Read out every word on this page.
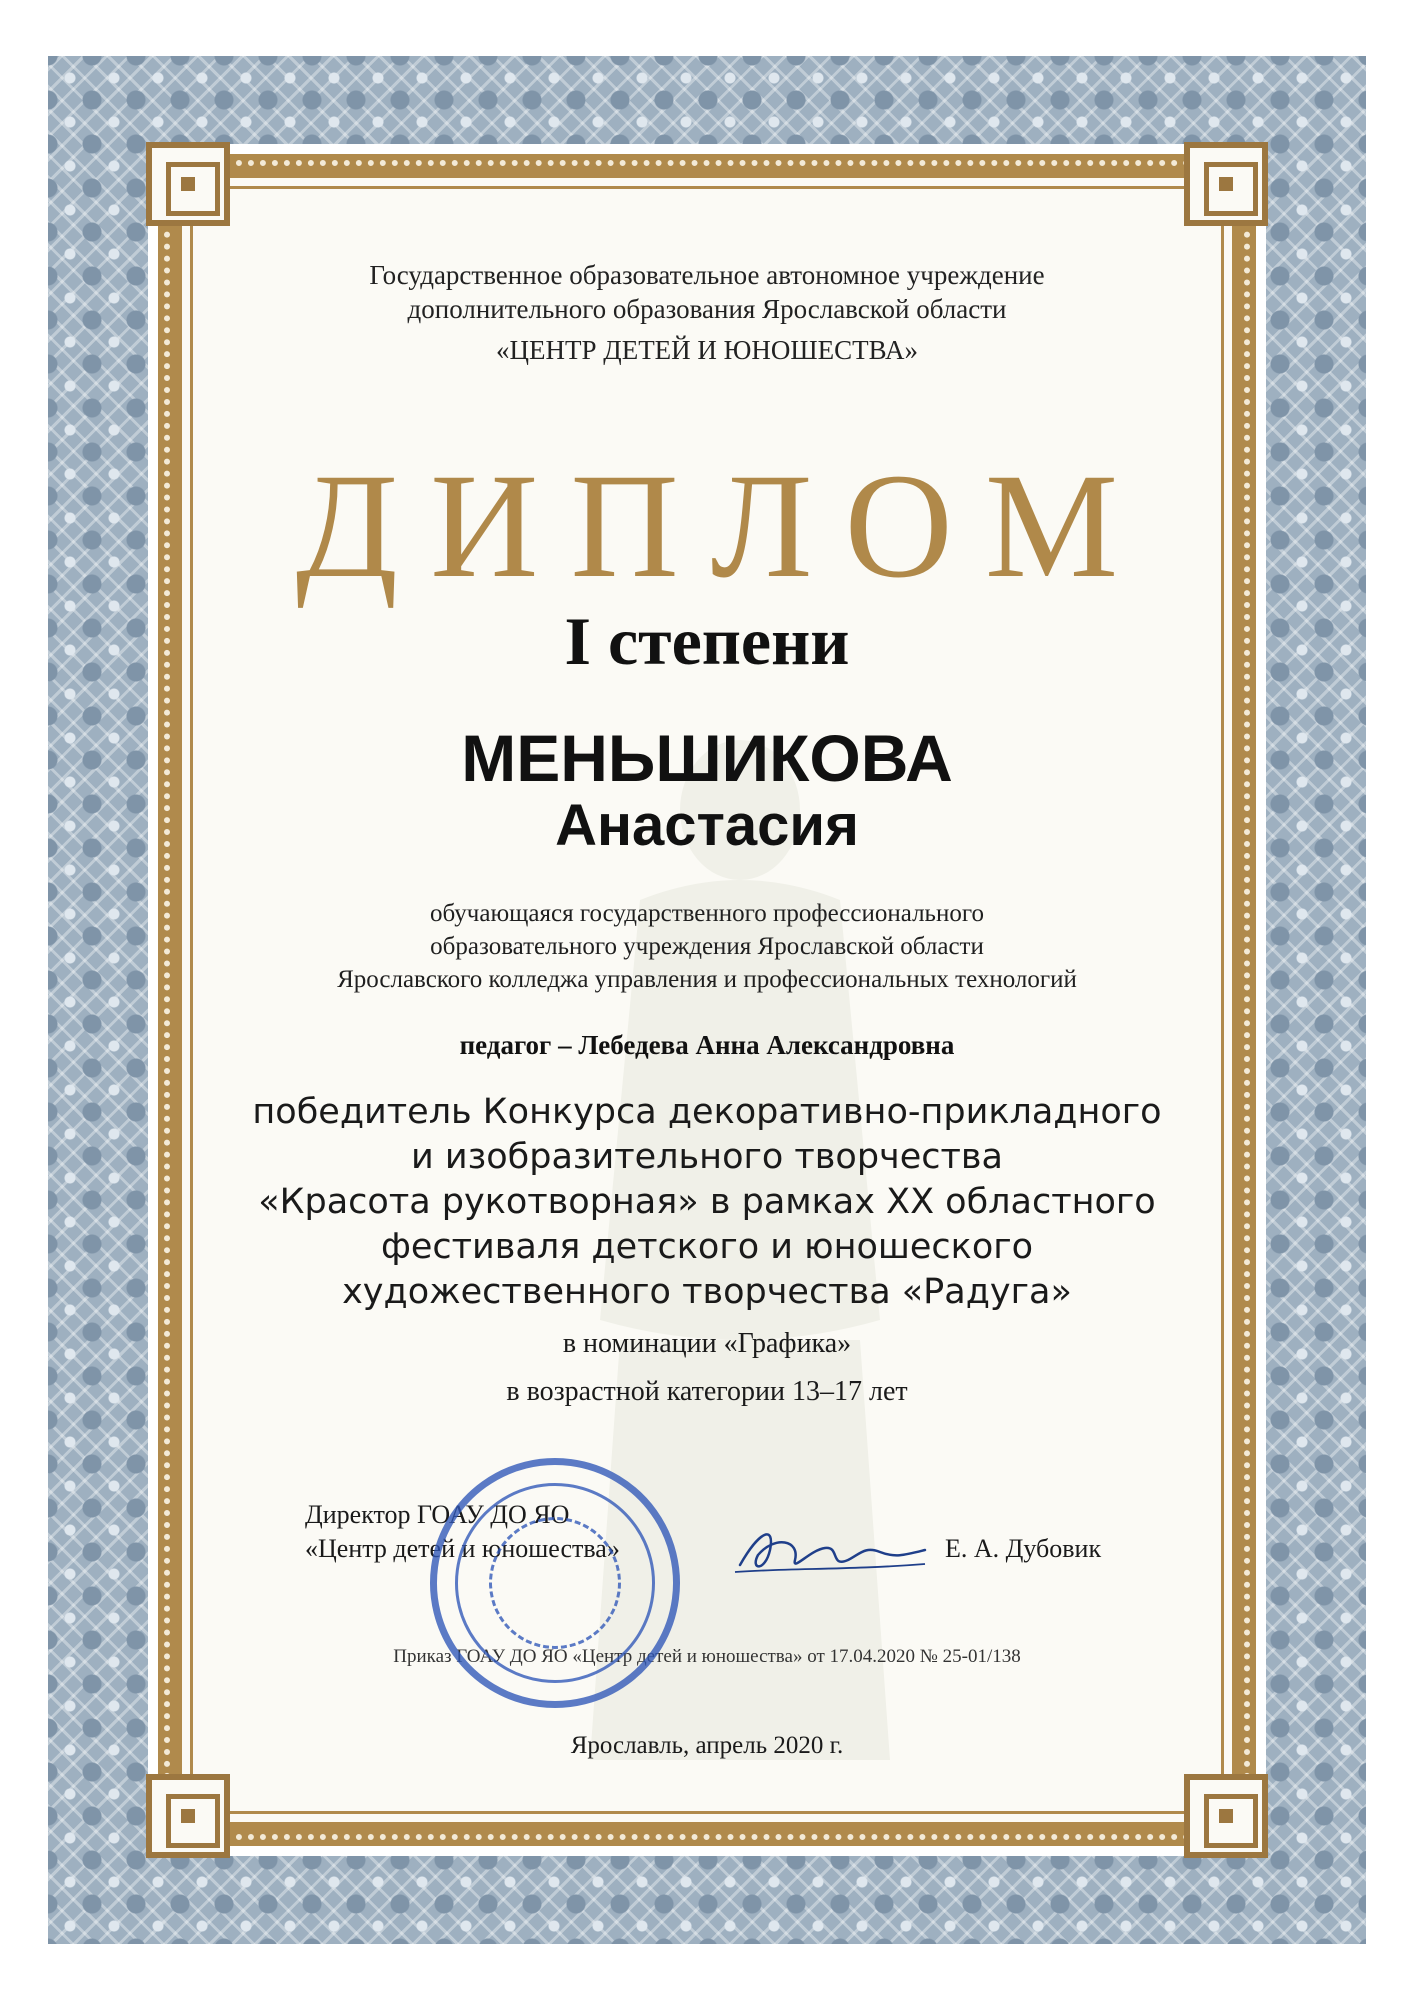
Государственное образовательное автономное учреждение
дополнительного образования Ярославской области
«ЦЕНТР ДЕТЕЙ И ЮНОШЕСТВА»
ДИПЛОМ
I степени
МЕНЬШИКОВА
Анастасия
обучающаяся государственного профессионального
образовательного учреждения Ярославской области
Ярославского колледжа управления и профессиональных технологий
педагог – Лебедева Анна Александровна
победитель Конкурса декоративно-прикладного
и изобразительного творчества
«Красота рукотворная» в рамках XX областного
фестиваля детского и юношеского
художественного творчества «Радуга»
в номинации «Графика»
в возрастной категории 13–17 лет
Директор ГОАУ ДО ЯО
«Центр детей и юношества»	Е. А. Дубовик
Приказ ГОАУ ДО ЯО «Центр детей и юношества» от 17.04.2020 № 25-01/138
Ярославль, апрель 2020 г.
